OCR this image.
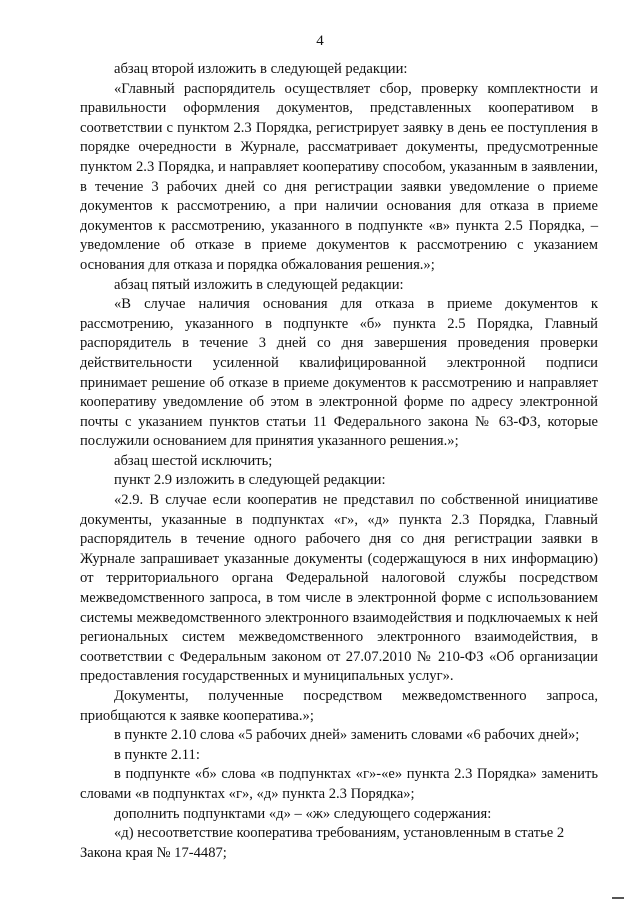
4

абзац второй изложить в следующей редакции:

«Главный распорядитель осуществляет сбор, проверку комплектности и правильности оформления документов, представленных кооперативом в соответствии с пунктом 2.3 Порядка, регистрирует заявку в день ее поступления в порядке очередности в Журнале, рассматривает документы, предусмотренные пунктом 2.3 Порядка, и направляет кооперативу способом, указанным в заявлении, в течение 3 рабочих дней со дня регистрации заявки уведомление о приеме документов к рассмотрению, а при наличии основания для отказа в приеме документов к рассмотрению, указанного в подпункте «в» пункта 2.5 Порядка, – уведомление об отказе в приеме документов к рассмотрению с указанием основания для отказа и порядка обжалования решения.»;

абзац пятый изложить в следующей редакции:

«В случае наличия основания для отказа в приеме документов к рассмотрению, указанного в подпункте «б» пункта 2.5 Порядка, Главный распорядитель в течение 3 дней со дня завершения проведения проверки действительности усиленной квалифицированной электронной подписи принимает решение об отказе в приеме документов к рассмотрению и направляет кооперативу уведомление об этом в электронной форме по адресу электронной почты с указанием пунктов статьи 11 Федерального закона № 63-ФЗ, которые послужили основанием для принятия указанного решения.»;

абзац шестой исключить;

пункт 2.9 изложить в следующей редакции:

«2.9. В случае если кооператив не представил по собственной инициативе документы, указанные в подпунктах «г», «д» пункта 2.3 Порядка, Главный распорядитель в течение одного рабочего дня со дня регистрации заявки в Журнале запрашивает указанные документы (содержащуюся в них информацию) от территориального органа Федеральной налоговой службы посредством межведомственного запроса, в том числе в электронной форме с использованием системы межведомственного электронного взаимодействия и подключаемых к ней региональных систем межведомственного электронного взаимодействия, в соответствии с Федеральным законом от 27.07.2010 № 210-ФЗ «Об организации предоставления государственных и муниципальных услуг».

Документы, полученные посредством межведомственного запроса, приобщаются к заявке кооператива.»;

в пункте 2.10 слова «5 рабочих дней» заменить словами «6 рабочих дней»;

в пункте 2.11:

в подпункте «б» слова «в подпунктах «г»-«е» пункта 2.3 Порядка» заменить словами «в подпунктах «г», «д» пункта 2.3 Порядка»;

дополнить подпунктами «д» – «ж» следующего содержания:

«д) несоответствие кооператива требованиям, установленным в статье 2 Закона края № 17-4487;
